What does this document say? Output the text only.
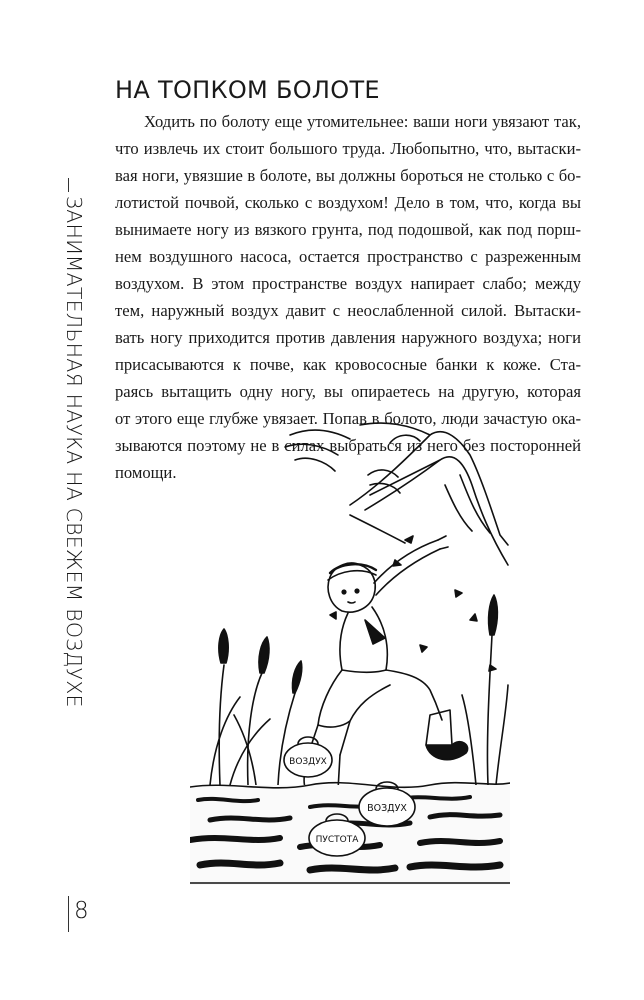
ЗАНИМАТЕЛЬНАЯ НАУКА НА СВЕЖЕМ ВОЗДУХЕ
НА ТОПКОМ БОЛОТЕ
Ходить по болоту еще утомительнее: ваши ноги увязают так,
что извлечь их стоит большого труда. Любопытно, что, вытаски-
вая ноги, увязшие в болоте, вы должны бороться не столько с бо-
лотистой почвой, сколько с воздухом! Дело в том, что, когда вы
вынимаете ногу из вязкого грунта, под подошвой, как под порш-
нем воздушного насоса, остается пространство с разреженным
воздухом. В этом пространстве воздух напирает слабо; между
тем, наружный воздух давит с неослабленной силой. Вытаски-
вать ногу приходится против давления наружного воздуха; ноги
присасываются к почве, как кровососные банки к коже. Ста-
раясь вытащить одну ногу, вы опираетесь на другую, которая
от этого еще глубже увязает. Попав в болото, люди зачастую ока-
зываются поэтому не в силах выбраться из него без посторонней
помощи.
ВОЗДУХ
ВОЗДУХ
ПУСТОТА
8
